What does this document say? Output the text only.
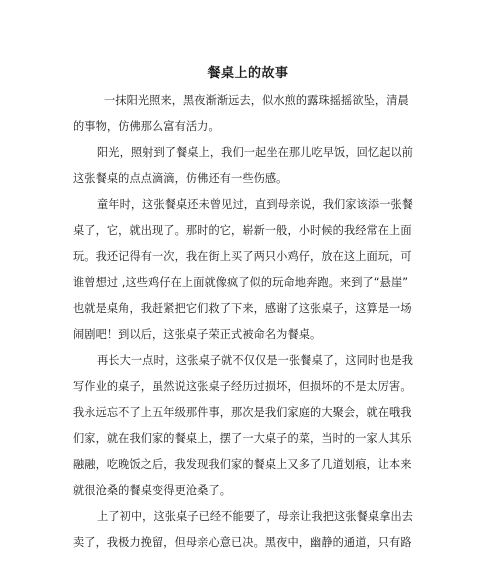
餐桌上的故事
一抹阳光照来，黑夜渐渐远去，似水煎的露珠摇摇欲坠，清晨
的事物，仿佛那么富有活力。
阳光，照射到了餐桌上，我们一起坐在那儿吃早饭，回忆起以前
这张餐桌的点点滴滴，仿佛还有一些伤感。
童年时，这张餐桌还未曾见过，直到母亲说，我们家该添一张餐
桌了，它，就出现了。那时的它，崭新一般，小时候的我经常在上面
玩。我还记得有一次，我在街上买了两只小鸡仔，放在这上面玩，可
谁曾想过 ,这些鸡仔在上面就像疯了似的玩命地奔跑。来到了“悬崖”
也就是桌角，我赶紧把它们救了下来，感谢了这张桌子，这算是一场
闹剧吧！到以后，这张桌子荣正式被命名为餐桌。
再长大一点时，这张桌子就不仅仅是一张餐桌了，这同时也是我
写作业的桌子，虽然说这张桌子经历过损坏，但损坏的不是太厉害。
我永远忘不了上五年级那件事，那次是我们家庭的大聚会，就在哦我
们家，就在我们家的餐桌上，摆了一大桌子的菜，当时的一家人其乐
融融，吃晚饭之后，我发现我们家的餐桌上又多了几道划痕，让本来
就很沧桑的餐桌变得更沧桑了。
上了初中，这张桌子已经不能要了，母亲让我把这张餐桌拿出去
卖了，我极力挽留，但母亲心意已决。黑夜中，幽静的通道，只有路
